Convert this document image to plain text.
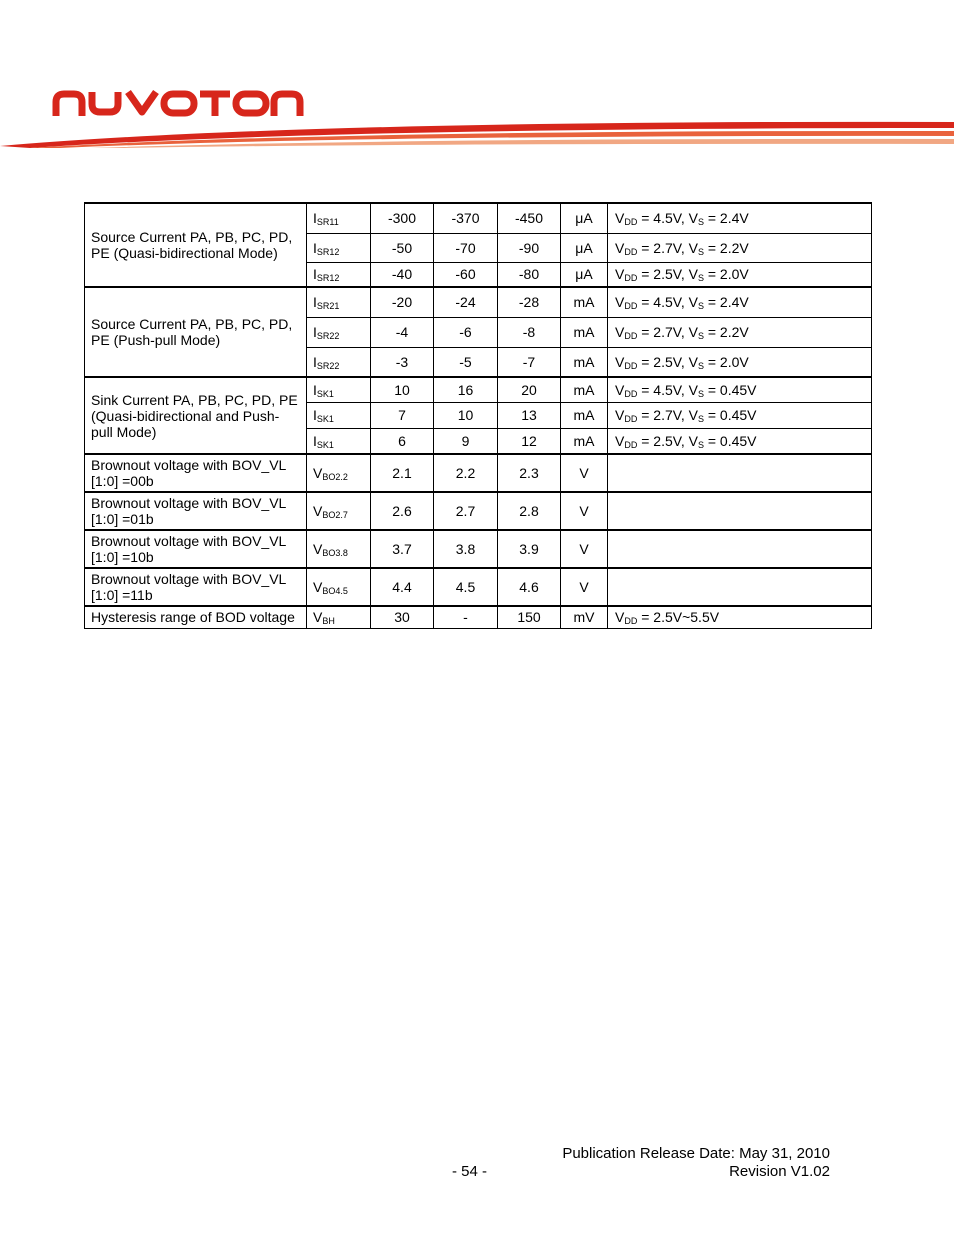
Source Current PA, PB, PC, PD, PE (Quasi-bidirectional Mode)	$I_{SR11}$	-300	-370	-450	μA	$V_{DD} = 4.5V$, $V_S = 2.4V$
	$I_{SR12}$	-50	-70	-90	μA	$V_{DD} = 2.7V$, $V_S = 2.2V$
	$I_{SR12}$	-40	-60	-80	μA	$V_{DD} = 2.5V$, $V_S = 2.0V$
Source Current PA, PB, PC, PD, PE (Push-pull Mode)	$I_{SR21}$	-20	-24	-28	mA	$V_{DD} = 4.5V$, $V_S = 2.4V$
	$I_{SR22}$	-4	-6	-8	mA	$V_{DD} = 2.7V$, $V_S = 2.2V$
	$I_{SR22}$	-3	-5	-7	mA	$V_{DD} = 2.5V$, $V_S = 2.0V$
Sink Current PA, PB, PC, PD, PE (Quasi-bidirectional and Push-pull Mode)	$I_{SK1}$	10	16	20	mA	$V_{DD} = 4.5V$, $V_S = 0.45V$
	$I_{SK1}$	7	10	13	mA	$V_{DD} = 2.7V$, $V_S = 0.45V$
	$I_{SK1}$	6	9	12	mA	$V_{DD} = 2.5V$, $V_S = 0.45V$
Brownout voltage with BOV_VL [1:0] =00b	$V_{BO2.2}$	2.1	2.2	2.3	V	
Brownout voltage with BOV_VL [1:0] =01b	$V_{BO2.7}$	2.6	2.7	2.8	V	
Brownout voltage with BOV_VL [1:0] =10b	$V_{BO3.8}$	3.7	3.8	3.9	V	
Brownout voltage with BOV_VL [1:0] =11b	$V_{BO4.5}$	4.4	4.5	4.6	V	
Hysteresis range of BOD voltage	$V_{BH}$	30	-	150	mV	$V_{DD}$ = 2.5V~5.5V
Publication Release Date: May 31, 2010
- 54 -	Revision V1.02
